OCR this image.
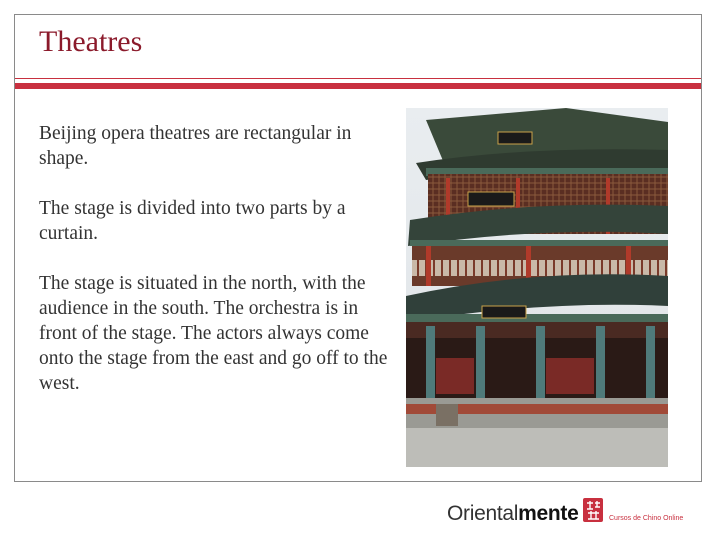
Theatres

Beijing opera theatres are rectangular in shape.

The stage is divided into two parts by a curtain.

The stage is situated in the north, with the audience in the south. The orchestra is in front of the stage. The actors always come onto the stage from the east and go off to the west.

Orientalmente	Cursos de Chino Online
